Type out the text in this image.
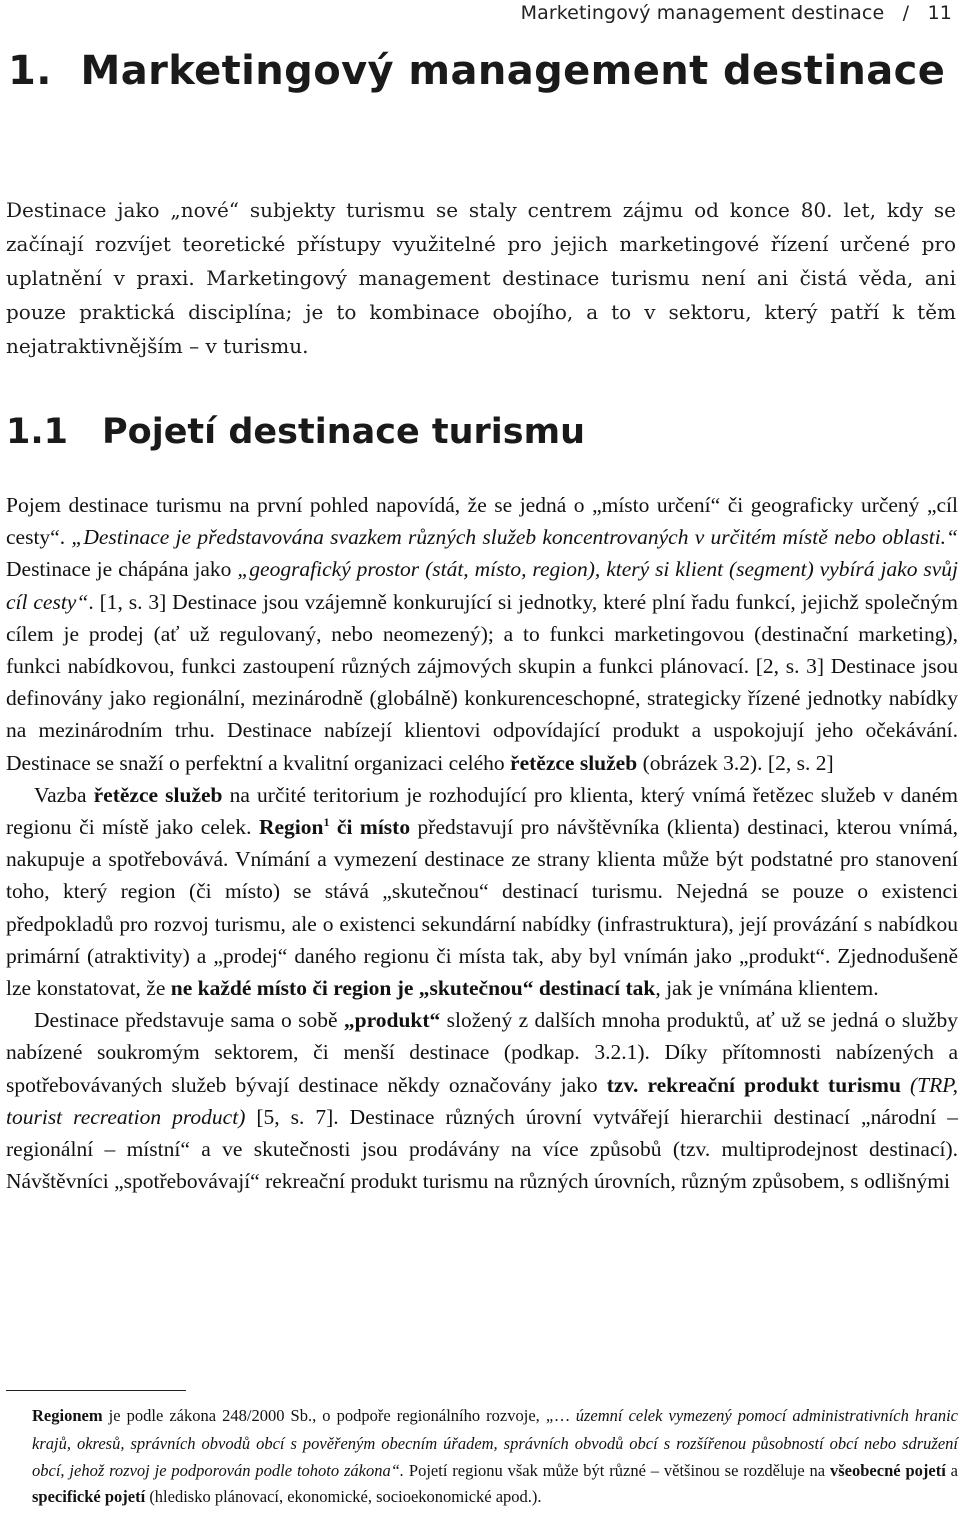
Marketingový management destinace   /   11
1. Marketingový management destinace

Destinace jako „nové“ subjekty turismu se staly centrem zájmu od konce 80. let, kdy se začínají rozvíjet teoretické přístupy využitelné pro jejich marketingové řízení určené pro uplatnění v praxi. Marketingový management destinace turismu není ani čistá věda, ani pouze praktická disciplína; je to kombinace obojího, a to v sektoru, který patří k těm nejatraktivnějším – v turismu.

1.1 Pojetí destinace turismu

Pojem destinace turismu na první pohled napovídá, že se jedná o „místo určení“ či geograficky určený „cíl cesty“. „Destinace je představována svazkem různých služeb koncentrovaných v určitém místě nebo oblasti.“ Destinace je chápána jako „geografický prostor (stát, místo, region), který si klient (segment) vybírá jako svůj cíl cesty“. [1, s. 3] Destinace jsou vzájemně konkurující si jednotky, které plní řadu funkcí, jejichž společným cílem je prodej (ať už regulovaný, nebo neomezený); a to funkci marketingovou (destinační marketing), funkci nabídkovou, funkci zastoupení různých zájmových skupin a funkci plánovací. [2, s. 3] Destinace jsou definovány jako regionální, mezinárodně (globálně) konkurenceschopné, strategicky řízené jednotky nabídky na mezinárodním trhu. Destinace nabízejí klientovi odpovídající produkt a uspokojují jeho očekávání. Destinace se snaží o perfektní a kvalitní organizaci celého řetězce služeb (obrázek 3.2). [2, s. 2]

Vazba řetězce služeb na určité teritorium je rozhodující pro klienta, který vnímá řetězec služeb v daném regionu či místě jako celek. Region$^1$ či místo představují pro návštěvníka (klienta) destinaci, kterou vnímá, nakupuje a spotřebovává. Vnímání a vymezení destinace ze strany klienta může být podstatné pro stanovení toho, který region (či místo) se stává „skutečnou“ destinací turismu. Nejedná se pouze o existenci předpokladů pro rozvoj turismu, ale o existenci sekundární nabídky (infrastruktura), její provázání s nabídkou primární (atraktivity) a „prodej“ daného regionu či místa tak, aby byl vnímán jako „produkt“. Zjednodušeně lze konstatovat, že ne každé místo či region je „skutečnou“ destinací tak, jak je vnímána klientem.

Destinace představuje sama o sobě „produkt“ složený z dalších mnoha produktů, ať už se jedná o služby nabízené soukromým sektorem, či menší destinace (podkap. 3.2.1). Díky přítomnosti nabízených a spotřebovávaných služeb bývají destinace někdy označovány jako tzv. rekreační produkt turismu (TRP, tourist recreation product) [5, s. 7]. Destinace různých úrovní vytvářejí hierarchii destinací „národní – regionální – místní“ a ve skutečnosti jsou prodávány na více způsobů (tzv. multiprodejnost destinací). Návštěvníci „spotřebovávají“ rekreační produkt turismu na různých úrovních, různým způsobem, s odlišnými

Regionem je podle zákona 248/2000 Sb., o podpoře regionálního rozvoje, „… územní celek vymezený pomocí administrativních hranic krajů, okresů, správních obvodů obcí s pověřeným obecním úřadem, správních obvodů obcí s rozšířenou působností obcí nebo sdružení obcí, jehož rozvoj je podporován podle tohoto zákona“. Pojetí regionu však může být různé – většinou se rozděluje na všeobecné pojetí a specifické pojetí (hledisko plánovací, ekonomické, socioekonomické apod.).
